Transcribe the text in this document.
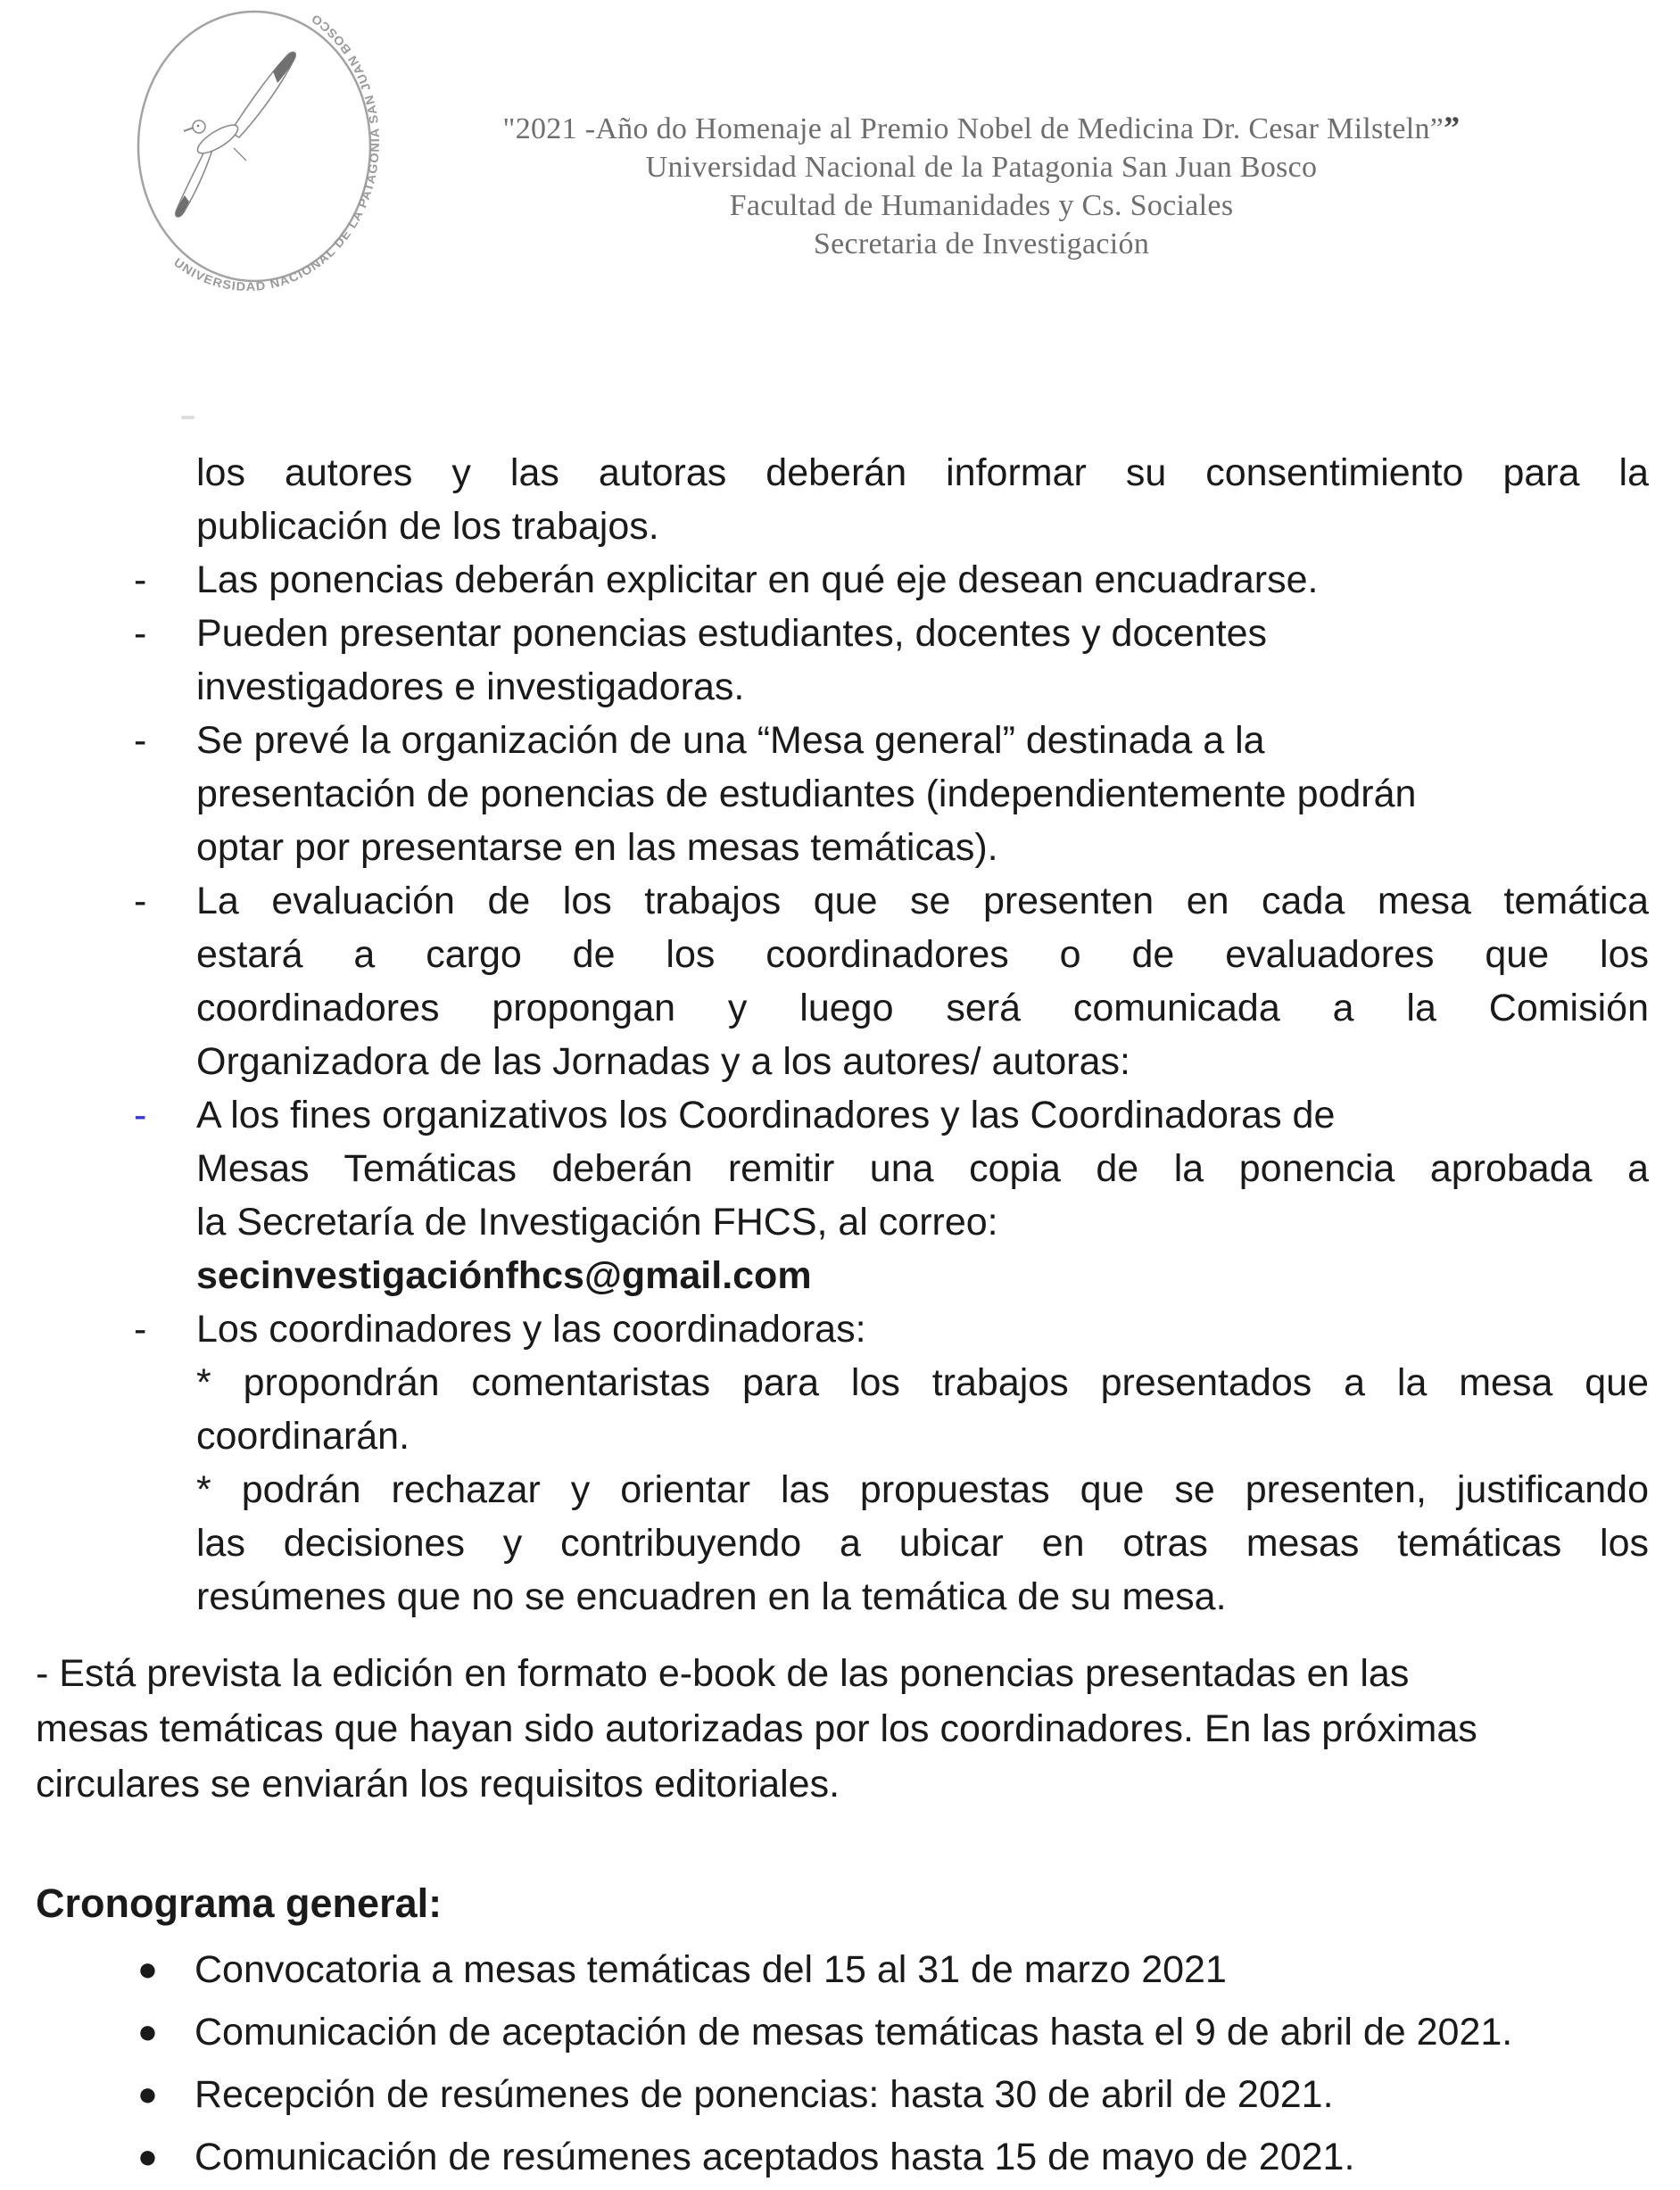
UNIVERSIDAD NACIONAL DE LA PATAGONIA SAN JUAN BOSCO
"2021 -Año do Homenaje al Premio Nobel de Medicina Dr. Cesar Milsteln””
Universidad Nacional de la Patagonia San Juan Bosco
Facultad de Humanidades y Cs. Sociales
Secretaria de Investigación
los autores y las autoras deberán informar su consentimiento para la
publicación de los trabajos.
-	Las ponencias deberán explicitar en qué eje desean encuadrarse.
-	Pueden presentar ponencias estudiantes, docentes y docentes
investigadores e investigadoras.
-	Se prevé la organización de una “Mesa general” destinada a la
presentación de ponencias de estudiantes (independientemente podrán
optar por presentarse en las mesas temáticas).
-	La evaluación de los trabajos que se presenten en cada mesa temática
estará a cargo de los coordinadores o de evaluadores que los
coordinadores propongan y luego será comunicada a la Comisión
Organizadora de las Jornadas y a los autores/ autoras:
-	A los fines organizativos los Coordinadores y las Coordinadoras de
Mesas Temáticas deberán remitir una copia de la ponencia aprobada a
la Secretaría de Investigación FHCS, al correo:
secinvestigaciónfhcs@gmail.com
-	Los coordinadores y las coordinadoras:
* propondrán comentaristas para los trabajos presentados a la mesa que
coordinarán.
* podrán rechazar y orientar las propuestas que se presenten, justificando
las decisiones y contribuyendo a ubicar en otras mesas temáticas los
resúmenes que no se encuadren en la temática de su mesa.
- Está prevista la edición en formato e-book de las ponencias presentadas en las
mesas temáticas que hayan sido autorizadas por los coordinadores. En las próximas
circulares se enviarán los requisitos editoriales.
Cronograma general:
● Convocatoria a mesas temáticas del 15 al 31 de marzo 2021
● Comunicación de aceptación de mesas temáticas hasta el 9 de abril de 2021.
● Recepción de resúmenes de ponencias: hasta 30 de abril de 2021.
● Comunicación de resúmenes aceptados hasta 15 de mayo de 2021.
